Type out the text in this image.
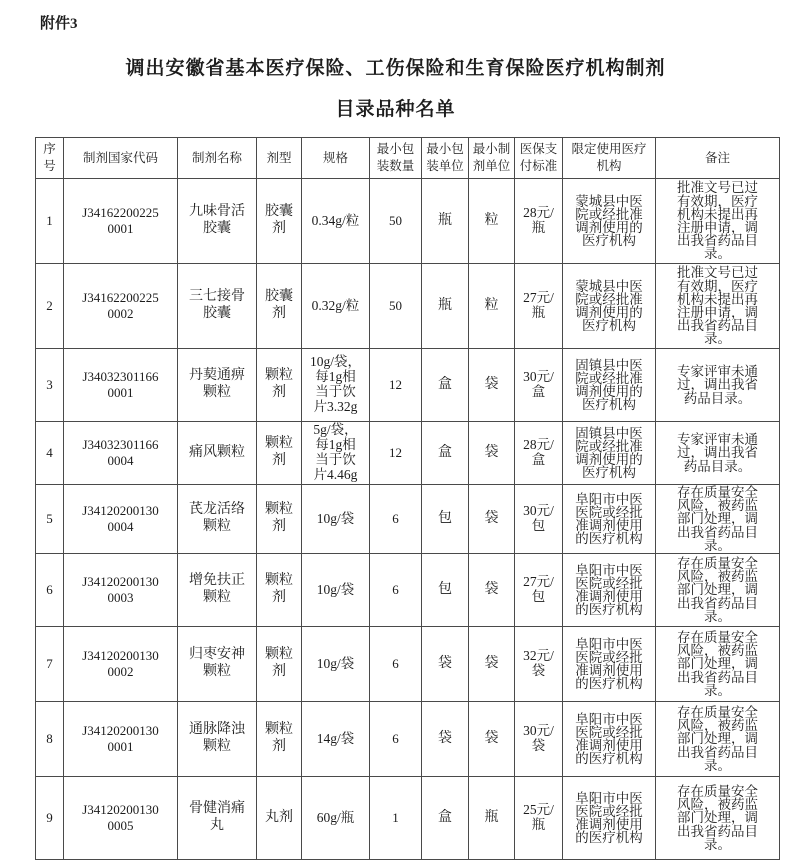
附件3
调出安徽省基本医疗保险、工伤保险和生育保险医疗机构制剂
目录品种名单
序号	制剂国家代码	制剂名称	剂型	规格	最小包装数量	最小包装单位	最小制剂单位	医保支付标准	限定使用医疗机构	备注
1	J341622002250001	九味骨活胶囊	胶囊剂	0.34g/粒	50	瓶	粒	28元/瓶	蒙城县中医院或经批准调剂使用的医疗机构	批准文号已过有效期，医疗机构未提出再注册申请，调出我省药品目录。
2	J341622002250002	三七接骨胶囊	胶囊剂	0.32g/粒	50	瓶	粒	27元/瓶	蒙城县中医院或经批准调剂使用的医疗机构	批准文号已过有效期，医疗机构未提出再注册申请，调出我省药品目录。
3	J340323011660001	丹葜通痹颗粒	颗粒剂	10g/袋，每1g相当于饮片3.32g	12	盒	袋	30元/盒	固镇县中医院或经批准调剂使用的医疗机构	专家评审未通过，调出我省药品目录。
4	J340323011660004	痛风颗粒	颗粒剂	5g/袋，每1g相当于饮片4.46g	12	盒	袋	28元/盒	固镇县中医院或经批准调剂使用的医疗机构	专家评审未通过，调出我省药品目录。
5	J341202001300004	芪龙活络颗粒	颗粒剂	10g/袋	6	包	袋	30元/包	阜阳市中医医院或经批准调剂使用的医疗机构	存在质量安全风险，被药监部门处理，调出我省药品目录。
6	J341202001300003	增免扶正颗粒	颗粒剂	10g/袋	6	包	袋	27元/包	阜阳市中医医院或经批准调剂使用的医疗机构	存在质量安全风险，被药监部门处理，调出我省药品目录。
7	J341202001300002	归枣安神颗粒	颗粒剂	10g/袋	6	袋	袋	32元/袋	阜阳市中医医院或经批准调剂使用的医疗机构	存在质量安全风险，被药监部门处理，调出我省药品目录。
8	J341202001300001	通脉降浊颗粒	颗粒剂	14g/袋	6	袋	袋	30元/袋	阜阳市中医医院或经批准调剂使用的医疗机构	存在质量安全风险，被药监部门处理，调出我省药品目录。
9	J341202001300005	骨健消痛丸	丸剂	60g/瓶	1	盒	瓶	25元/瓶	阜阳市中医医院或经批准调剂使用的医疗机构	存在质量安全风险，被药监部门处理，调出我省药品目录。
